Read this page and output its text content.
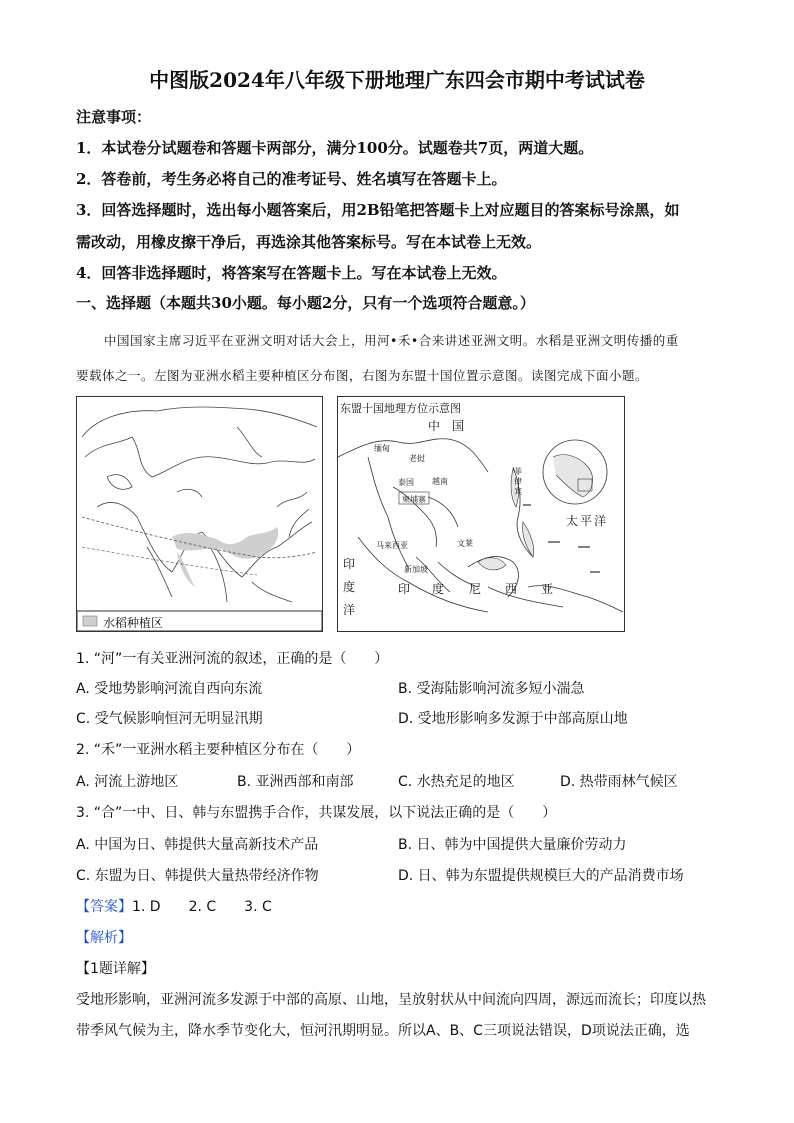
中图版2024年八年级下册地理广东四会市期中考试试卷
注意事项：
1．本试卷分试题卷和答题卡两部分，满分100分。试题卷共7页，两道大题。
2．答卷前，考生务必将自己的准考证号、姓名填写在答题卡上。
3．回答选择题时，选出每小题答案后，用2B铅笔把答题卡上对应题目的答案标号涂黑，如
需改动，用橡皮擦干净后，再选涂其他答案标号。写在本试卷上无效。
4．回答非选择题时，将答案写在答题卡上。写在本试卷上无效。
一、选择题（本题共30小题。每小题2分，只有一个选项符合题意。）
中国国家主席习近平在亚洲文明对话大会上，用河•禾•合来讲述亚洲文明。水稻是亚洲文明传播的重
要载体之一。左图为亚洲水稻主要种植区分布图，右图为东盟十国位置示意图。读图完成下面小题。
水稻种植区
东盟十国地理方位示意图
中　国
缅甸
老挝
泰国 越南
柬埔寨
菲律宾
马来西亚	文莱
新加坡
太平洋
印
度
洋
印 度 尼 西 亚
1. “河”一有关亚洲河流的叙述，正确的是（　　）
A. 受地势影响河流自西向东流	B. 受海陆影响河流多短小湍急
C. 受气候影响恒河无明显汛期	D. 受地形影响多发源于中部高原山地
2. “禾”一亚洲水稻主要种植区分布在（　　）
A. 河流上游地区	B. 亚洲西部和南部	C. 水热充足的地区	D. 热带雨林气候区
3. “合”一中、日、韩与东盟携手合作，共谋发展，以下说法正确的是（　　）
A. 中国为日、韩提供大量高新技术产品	B. 日、韩为中国提供大量廉价劳动力
C. 东盟为日、韩提供大量热带经济作物	D. 日、韩为东盟提供规模巨大的产品消费市场
【答案】1. D　　2. C　　3. C
【解析】
【1题详解】
受地形影响，亚洲河流多发源于中部的高原、山地，呈放射状从中间流向四周，源远而流长；印度以热
带季风气候为主，降水季节变化大，恒河汛期明显。所以A、B、C三项说法错误，D项说法正确，选
